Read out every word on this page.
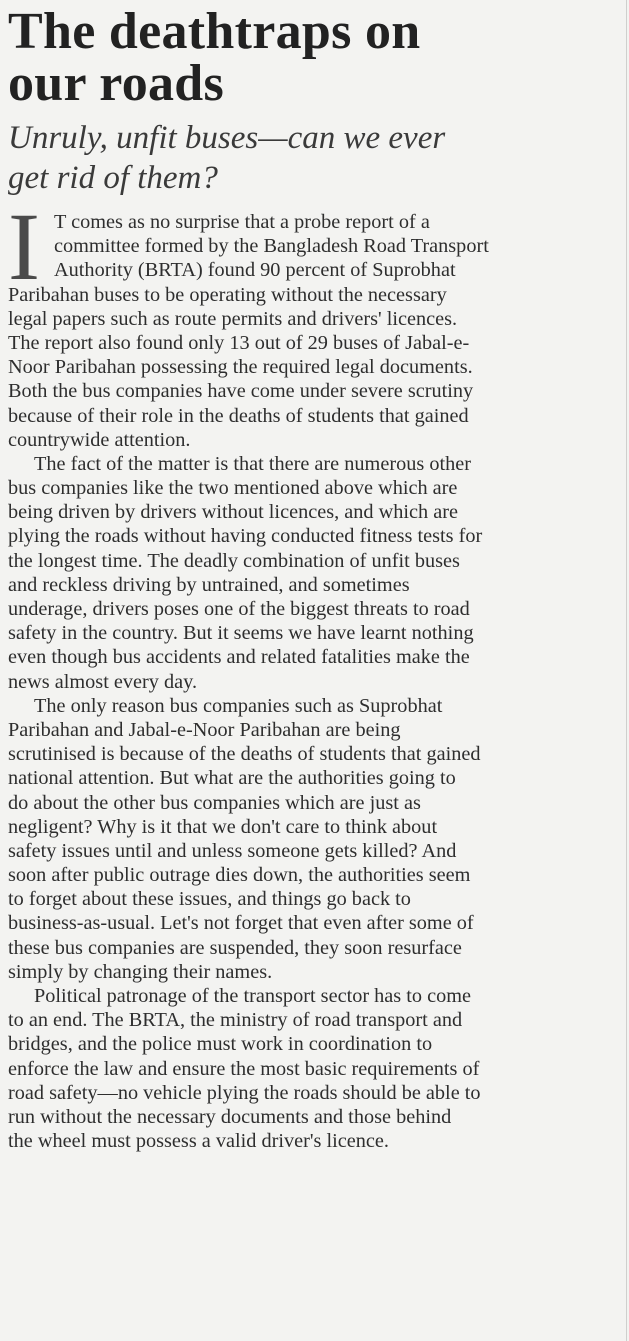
The deathtraps on
our roads
Unruly, unfit buses—can we ever
get rid of them?
I T comes as no surprise that a probe report of a
committee formed by the Bangladesh Road Transport
Authority (BRTA) found 90 percent of Suprobhat
Paribahan buses to be operating without the necessary
legal papers such as route permits and drivers' licences.
The report also found only 13 out of 29 buses of Jabal-e-
Noor Paribahan possessing the required legal documents.
Both the bus companies have come under severe scrutiny
because of their role in the deaths of students that gained
countrywide attention.
The fact of the matter is that there are numerous other
bus companies like the two mentioned above which are
being driven by drivers without licences, and which are
plying the roads without having conducted fitness tests for
the longest time. The deadly combination of unfit buses
and reckless driving by untrained, and sometimes
underage, drivers poses one of the biggest threats to road
safety in the country. But it seems we have learnt nothing
even though bus accidents and related fatalities make the
news almost every day.
The only reason bus companies such as Suprobhat
Paribahan and Jabal-e-Noor Paribahan are being
scrutinised is because of the deaths of students that gained
national attention. But what are the authorities going to
do about the other bus companies which are just as
negligent? Why is it that we don't care to think about
safety issues until and unless someone gets killed? And
soon after public outrage dies down, the authorities seem
to forget about these issues, and things go back to
business-as-usual. Let's not forget that even after some of
these bus companies are suspended, they soon resurface
simply by changing their names.
Political patronage of the transport sector has to come
to an end. The BRTA, the ministry of road transport and
bridges, and the police must work in coordination to
enforce the law and ensure the most basic requirements of
road safety—no vehicle plying the roads should be able to
run without the necessary documents and those behind
the wheel must possess a valid driver's licence.
